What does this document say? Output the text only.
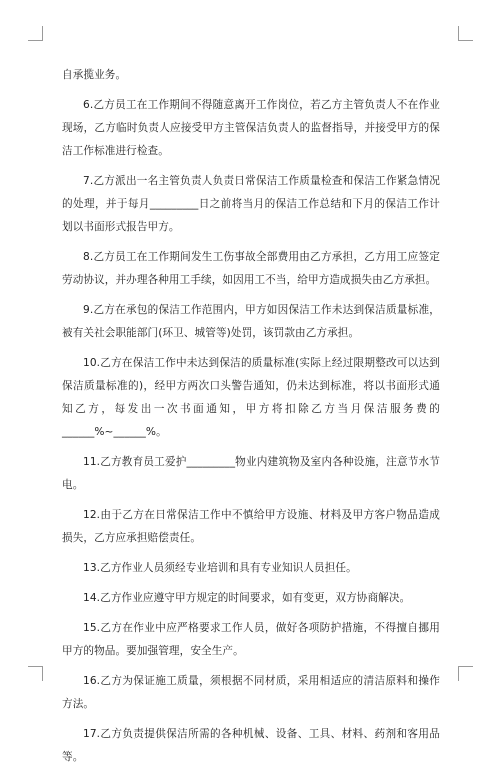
自承揽业务。

6.乙方员工在工作期间不得随意离开工作岗位，若乙方主管负责人不在作业现场，乙方临时负责人应接受甲方主管保洁负责人的监督指导，并接受甲方的保洁工作标准进行检查。

7.乙方派出一名主管负责人负责日常保洁工作质量检查和保洁工作紧急情况的处理，并于每月_________日之前将当月的保洁工作总结和下月的保洁工作计划以书面形式报告甲方。

8.乙方员工在工作期间发生工伤事故全部费用由乙方承担，乙方用工应签定劳动协议，并办理各种用工手续，如因用工不当，给甲方造成损失由乙方承担。

9.乙方在承包的保洁工作范围内，甲方如因保洁工作未达到保洁质量标准，被有关社会职能部门(环卫、城管等)处罚，该罚款由乙方承担。

10.乙方在保洁工作中未达到保洁的质量标准(实际上经过限期整改可以达到保洁质量标准的)，经甲方两次口头警告通知，仍未达到标准，将以书面形式通知乙方，每发出一次书面通知，甲方将扣除乙方当月保洁服务费的______%~______%。

11.乙方教育员工爱护_________物业内建筑物及室内各种设施，注意节水节电。

12.由于乙方在日常保洁工作中不慎给甲方设施、材料及甲方客户物品造成损失，乙方应承担赔偿责任。

13.乙方作业人员须经专业培训和具有专业知识人员担任。

14.乙方作业应遵守甲方规定的时间要求，如有变更，双方协商解决。

15.乙方在作业中应严格要求工作人员，做好各项防护措施，不得擅自挪用甲方的物品。要加强管理，安全生产。

16.乙方为保证施工质量，须根据不同材质，采用相适应的清洁原料和操作方法。

17.乙方负责提供保洁所需的各种机械、设备、工具、材料、药剂和客用品等。
